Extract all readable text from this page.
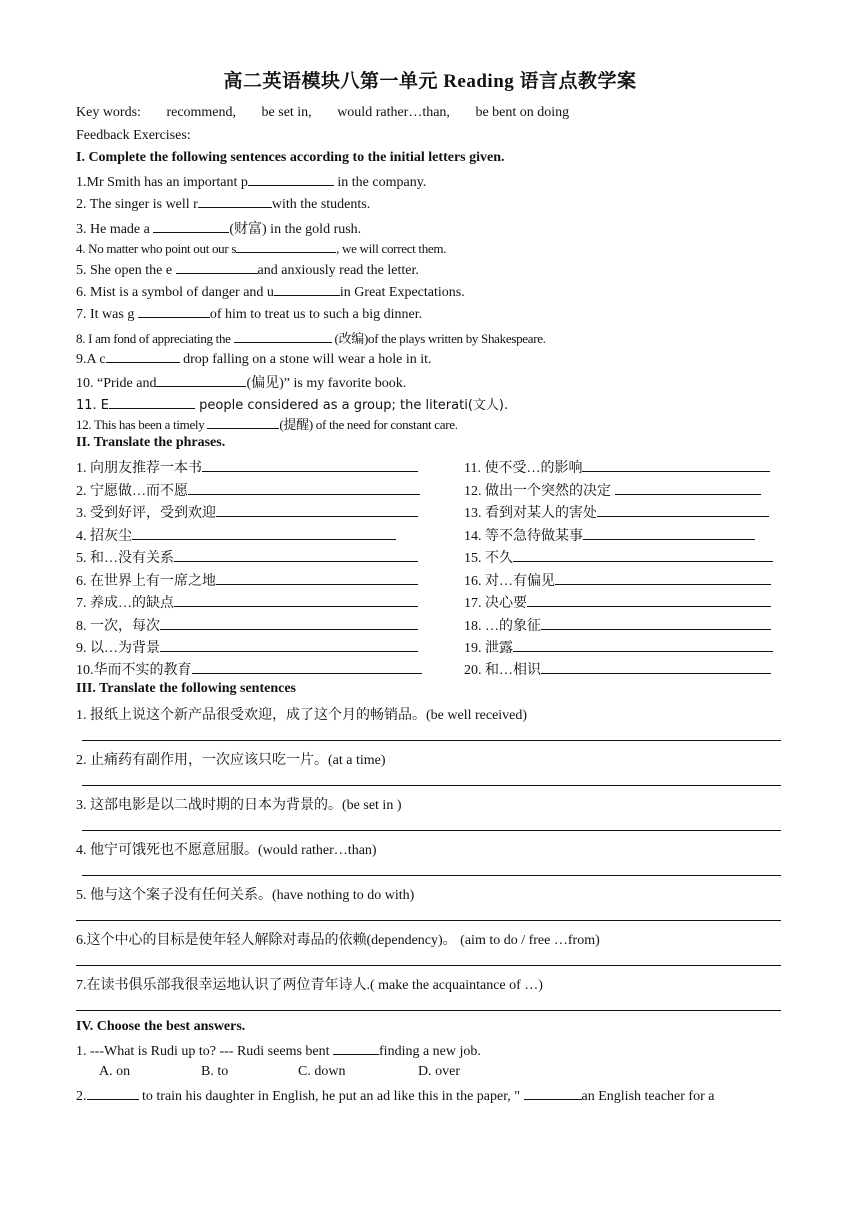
高二英语模块八第一单元 Reading 语言点教学案
Key words: recommend, be set in, would rather…than, be bent on doing
Feedback Exercises:
I. Complete the following sentences according to the initial letters given.
1.Mr Smith has an important p	in the company.
2. The singer is well r	with the students.
3. He made a	(财富) in the gold rush.
4. No matter who point out our s	, we will correct them.
5. She open the e	and anxiously read the letter.
6. Mist is a symbol of danger and u	in Great Expectations.
7. It was g	of him to treat us to such a big dinner.
8. I am fond of appreciating the	(改编)of the plays written by Shakespeare.
9.A c	drop falling on a stone will wear a hole in it.
10. “Pride and	(偏见)” is my favorite book.
11. E	people considered as a group; the literati(文人).
12. This has been a timely	(提醒) of the need for constant care.
II. Translate the phrases.
1. 向朋友推荐一本书
2. 宁愿做…而不愿
3. 受到好评，受到欢迎
4. 招灰尘
5. 和…没有关系
6. 在世界上有一席之地
7. 养成…的缺点
8. 一次，每次
9. 以…为背景
10.华而不实的教育
11. 使不受…的影响
12. 做出一个突然的决定
13. 看到对某人的害处
14. 等不急待做某事
15. 不久
16. 对…有偏见
17. 决心要
18. …的象征
19. 泄露
20. 和…相识
III. Translate the following sentences
1. 报纸上说这个新产品很受欢迎，成了这个月的畅销品。(be well received)
2. 止痛药有副作用，一次应该只吃一片。(at a time)
3. 这部电影是以二战时期的日本为背景的。(be set in )
4. 他宁可饿死也不愿意屈服。(would rather…than)
5. 他与这个案子没有任何关系。(have nothing to do with)
6.这个中心的目标是使年轻人解除对毒品的依赖(dependency)。 (aim to do / free …from)
7.在读书俱乐部我很幸运地认识了两位青年诗人.( make the acquaintance of …)
IV. Choose the best answers.
1. ---What is Rudi up to? --- Rudi seems bent	finding a new job.
A. on	B. to	C. down	D. over
2.	to train his daughter in English, he put an ad like this in the paper, "	an English teacher for a
